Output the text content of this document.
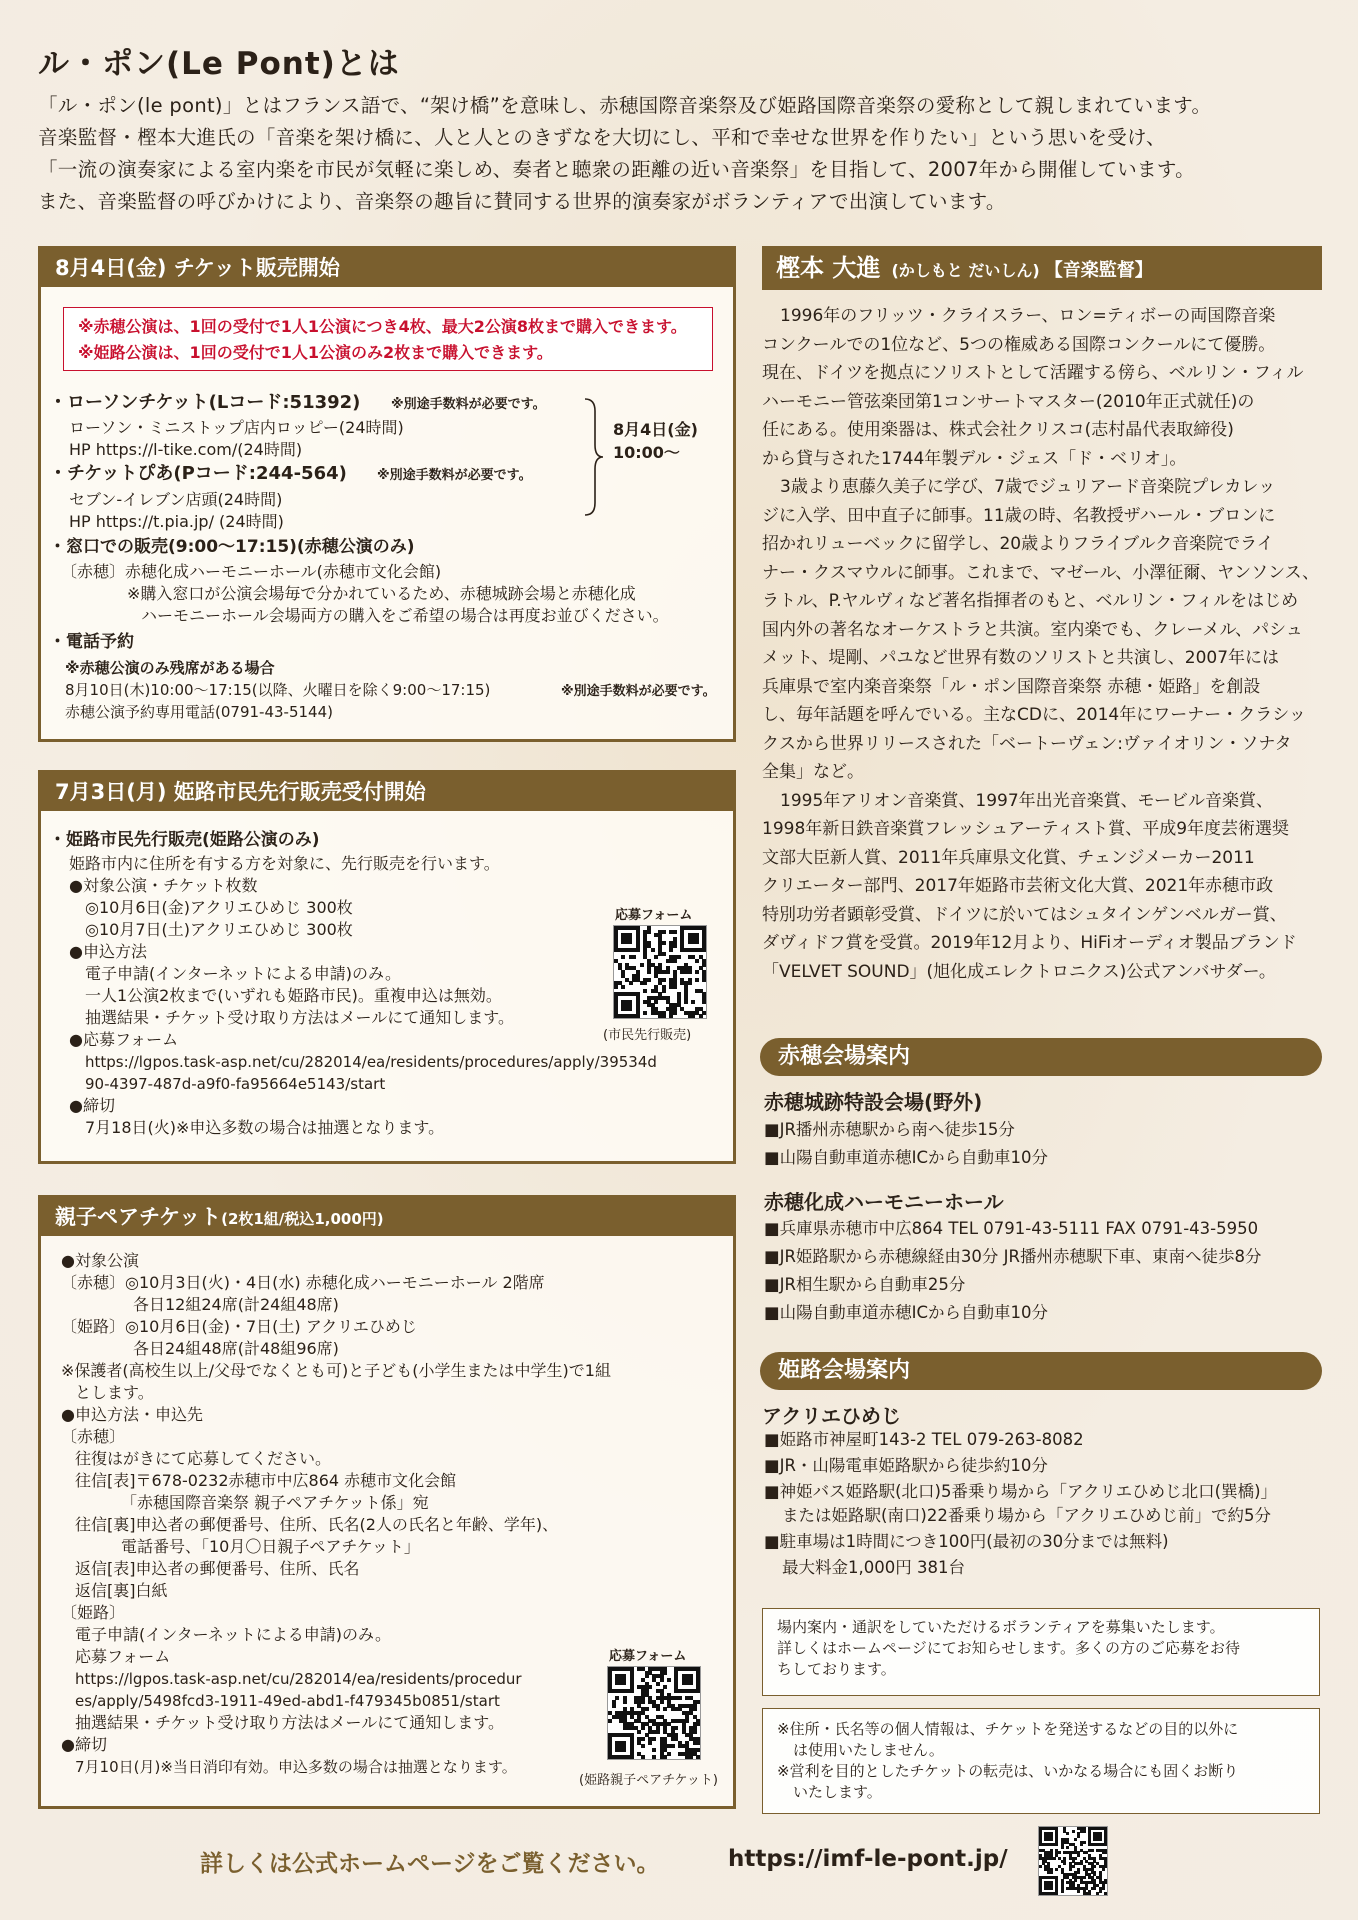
ル・ポン(Le Pont)とは
「ル・ポン(le pont)」とはフランス語で、“架け橋”を意味し、赤穂国際音楽祭及び姫路国際音楽祭の愛称として親しまれています。
音楽監督・樫本大進氏の「音楽を架け橋に、人と人とのきずなを大切にし、平和で幸せな世界を作りたい」という思いを受け、
「一流の演奏家による室内楽を市民が気軽に楽しめ、奏者と聴衆の距離の近い音楽祭」を目指して、2007年から開催しています。
また、音楽監督の呼びかけにより、音楽祭の趣旨に賛同する世界的演奏家がボランティアで出演しています。
8月4日(金) チケット販売開始
※赤穂公演は、1回の受付で1人1公演につき4枚、最大2公演8枚まで購入できます。
※姫路公演は、1回の受付で1人1公演のみ2枚まで購入できます。
・ローソンチケット(Lコード:51392) ※別途手数料が必要です。
ローソン・ミニストップ店内ロッピー(24時間)
HP https://l-tike.com/(24時間)
・チケットぴあ(Pコード:244-564) ※別途手数料が必要です。
セブン-イレブン店頭(24時間)
HP https://t.pia.jp/ (24時間)
8月4日(金)
10:00〜
・窓口での販売(9:00〜17:15)(赤穂公演のみ)
〔赤穂〕赤穂化成ハーモニーホール(赤穂市文化会館)
※購入窓口が公演会場毎で分かれているため、赤穂城跡会場と赤穂化成
ハーモニーホール会場両方の購入をご希望の場合は再度お並びください。
・電話予約
※赤穂公演のみ残席がある場合
8月10日(木)10:00〜17:15(以降、火曜日を除く9:00〜17:15)	※別途手数料が必要です。
赤穂公演予約専用電話(0791-43-5144)
7月3日(月) 姫路市民先行販売受付開始
・姫路市民先行販売(姫路公演のみ)
姫路市内に住所を有する方を対象に、先行販売を行います。
●対象公演・チケット枚数
◎10月6日(金)アクリエひめじ 300枚
◎10月7日(土)アクリエひめじ 300枚
●申込方法
電子申請(インターネットによる申請)のみ。
一人1公演2枚まで(いずれも姫路市民)。重複申込は無効。
抽選結果・チケット受け取り方法はメールにて通知します。
●応募フォーム
https://lgpos.task-asp.net/cu/282014/ea/residents/procedures/apply/39534d
90-4397-487d-a9f0-fa95664e5143/start
●締切
7月18日(火)※申込多数の場合は抽選となります。
応募フォーム
(市民先行販売)
親子ペアチケット(2枚1組/税込1,000円)
●対象公演
〔赤穂〕◎10月3日(火)・4日(水) 赤穂化成ハーモニーホール 2階席
各日12組24席(計24組48席)
〔姫路〕◎10月6日(金)・7日(土) アクリエひめじ
各日24組48席(計48組96席)
※保護者(高校生以上/父母でなくとも可)と子ども(小学生または中学生)で1組
とします。
●申込方法・申込先
〔赤穂〕
往復はがきにて応募してください。
往信[表]〒678-0232赤穂市中広864 赤穂市文化会館
「赤穂国際音楽祭 親子ペアチケット係」宛
往信[裏]申込者の郵便番号、住所、氏名(2人の氏名と年齢、学年)、
電話番号、「10月〇日親子ペアチケット」
返信[表]申込者の郵便番号、住所、氏名
返信[裏]白紙
〔姫路〕
電子申請(インターネットによる申請)のみ。
応募フォーム
https://lgpos.task-asp.net/cu/282014/ea/residents/procedur
es/apply/5498fcd3-1911-49ed-abd1-f479345b0851/start
抽選結果・チケット受け取り方法はメールにて通知します。
●締切
7月10日(月)※当日消印有効。申込多数の場合は抽選となります。
応募フォーム
(姫路親子ペアチケット)
樫本 大進 (かしもと だいしん) 【音楽監督】
1996年のフリッツ・クライスラー、ロン=ティボーの両国際音楽
コンクールでの1位など、5つの権威ある国際コンクールにて優勝。
現在、ドイツを拠点にソリストとして活躍する傍ら、ベルリン・フィル
ハーモニー管弦楽団第1コンサートマスター(2010年正式就任)の
任にある。使用楽器は、株式会社クリスコ(志村晶代表取締役)
から貸与された1744年製デル・ジェス「ド・ベリオ」。
3歳より恵藤久美子に学び、7歳でジュリアード音楽院プレカレッ
ジに入学、田中直子に師事。11歳の時、名教授ザハール・ブロンに
招かれリューベックに留学し、20歳よりフライブルク音楽院でライ
ナー・クスマウルに師事。これまで、マゼール、小澤征爾、ヤンソンス、
ラトル、P.ヤルヴィなど著名指揮者のもと、ベルリン・フィルをはじめ
国内外の著名なオーケストラと共演。室内楽でも、クレーメル、パシュ
メット、堤剛、パユなど世界有数のソリストと共演し、2007年には
兵庫県で室内楽音楽祭「ル・ポン国際音楽祭 赤穂・姫路」を創設
し、毎年話題を呼んでいる。主なCDに、2014年にワーナー・クラシッ
クスから世界リリースされた「ベートーヴェン:ヴァイオリン・ソナタ
全集」など。
1995年アリオン音楽賞、1997年出光音楽賞、モービル音楽賞、
1998年新日鉄音楽賞フレッシュアーティスト賞、平成9年度芸術選奨
文部大臣新人賞、2011年兵庫県文化賞、チェンジメーカー2011
クリエーター部門、2017年姫路市芸術文化大賞、2021年赤穂市政
特別功労者顕彰受賞、ドイツに於いてはシュタインゲンベルガー賞、
ダヴィドフ賞を受賞。2019年12月より、HiFiオーディオ製品ブランド
「VELVET SOUND」(旭化成エレクトロニクス)公式アンバサダー。
赤穂会場案内
赤穂城跡特設会場(野外)
■JR播州赤穂駅から南へ徒歩15分
■山陽自動車道赤穂ICから自動車10分
赤穂化成ハーモニーホール
■兵庫県赤穂市中広864 TEL 0791-43-5111 FAX 0791-43-5950
■JR姫路駅から赤穂線経由30分 JR播州赤穂駅下車、東南へ徒歩8分
■JR相生駅から自動車25分
■山陽自動車道赤穂ICから自動車10分
姫路会場案内
アクリエひめじ
■姫路市神屋町143-2 TEL 079-263-8082
■JR・山陽電車姫路駅から徒歩約10分
■神姫バス姫路駅(北口)5番乗り場から「アクリエひめじ北口(巽橋)」
または姫路駅(南口)22番乗り場から「アクリエひめじ前」で約5分
■駐車場は1時間につき100円(最初の30分までは無料)
最大料金1,000円 381台
場内案内・通訳をしていただけるボランティアを募集いたします。
詳しくはホームページにてお知らせします。多くの方のご応募をお待
ちしております。
※住所・氏名等の個人情報は、チケットを発送するなどの目的以外に
は使用いたしません。
※営利を目的としたチケットの転売は、いかなる場合にも固くお断り
いたします。
詳しくは公式ホームページをご覧ください。	https://imf-le-pont.jp/
